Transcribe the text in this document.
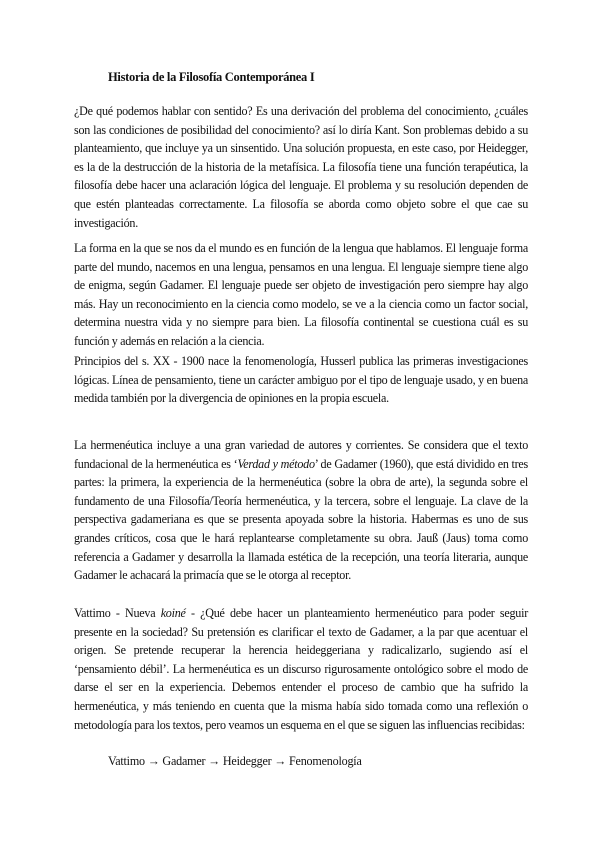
Historia de la Filosofía Contemporánea I

¿De qué podemos hablar con sentido? Es una derivación del problema del conocimiento, ¿cuáles son las condiciones de posibilidad del conocimiento? así lo diría Kant. Son problemas debido a su planteamiento, que incluye ya un sinsentido. Una solución propuesta, en este caso, por Heidegger, es la de la destrucción de la historia de la metafísica. La filosofía tiene una función terapéutica, la filosofía debe hacer una aclaración lógica del lenguaje. El problema y su resolución dependen de que estén planteadas correctamente. La filosofía se aborda como objeto sobre el que cae su investigación.

La forma en la que se nos da el mundo es en función de la lengua que hablamos. El lenguaje forma parte del mundo, nacemos en una lengua, pensamos en una lengua. El lenguaje siempre tiene algo de enigma, según Gadamer. El lenguaje puede ser objeto de investigación pero siempre hay algo más. Hay un reconocimiento en la ciencia como modelo, se ve a la ciencia como un factor social, determina nuestra vida y no siempre para bien. La filosofía continental se cuestiona cuál es su función y además en relación a la ciencia.

Principios del s. XX - 1900 nace la fenomenología, Husserl publica las primeras investigaciones lógicas. Línea de pensamiento, tiene un carácter ambiguo por el tipo de lenguaje usado, y en buena medida también por la divergencia de opiniones en la propia escuela.

La hermenéutica incluye a una gran variedad de autores y corrientes. Se considera que el texto fundacional de la hermenéutica es ‘Verdad y método’ de Gadamer (1960), que está dividido en tres partes: la primera, la experiencia de la hermenéutica (sobre la obra de arte), la segunda sobre el fundamento de una Filosofía/Teoría hermenéutica, y la tercera, sobre el lenguaje. La clave de la perspectiva gadameriana es que se presenta apoyada sobre la historia. Habermas es uno de sus grandes críticos, cosa que le hará replantearse completamente su obra. Jauß (Jaus) toma como referencia a Gadamer y desarrolla la llamada estética de la recepción, una teoría literaria, aunque Gadamer le achacará la primacía que se le otorga al receptor.

Vattimo - Nueva koiné - ¿Qué debe hacer un planteamiento hermenéutico para poder seguir presente en la sociedad? Su pretensión es clarificar el texto de Gadamer, a la par que acentuar el origen. Se pretende recuperar la herencia heideggeriana y radicalizarlo, sugiendo así el ‘pensamiento débil’. La hermenéutica es un discurso rigurosamente ontológico sobre el modo de darse el ser en la experiencia. Debemos entender el proceso de cambio que ha sufrido la hermenéutica, y más teniendo en cuenta que la misma había sido tomada como una reflexión o metodología para los textos, pero veamos un esquema en el que se siguen las influencias recibidas:

Vattimo → Gadamer → Heidegger → Fenomenología
